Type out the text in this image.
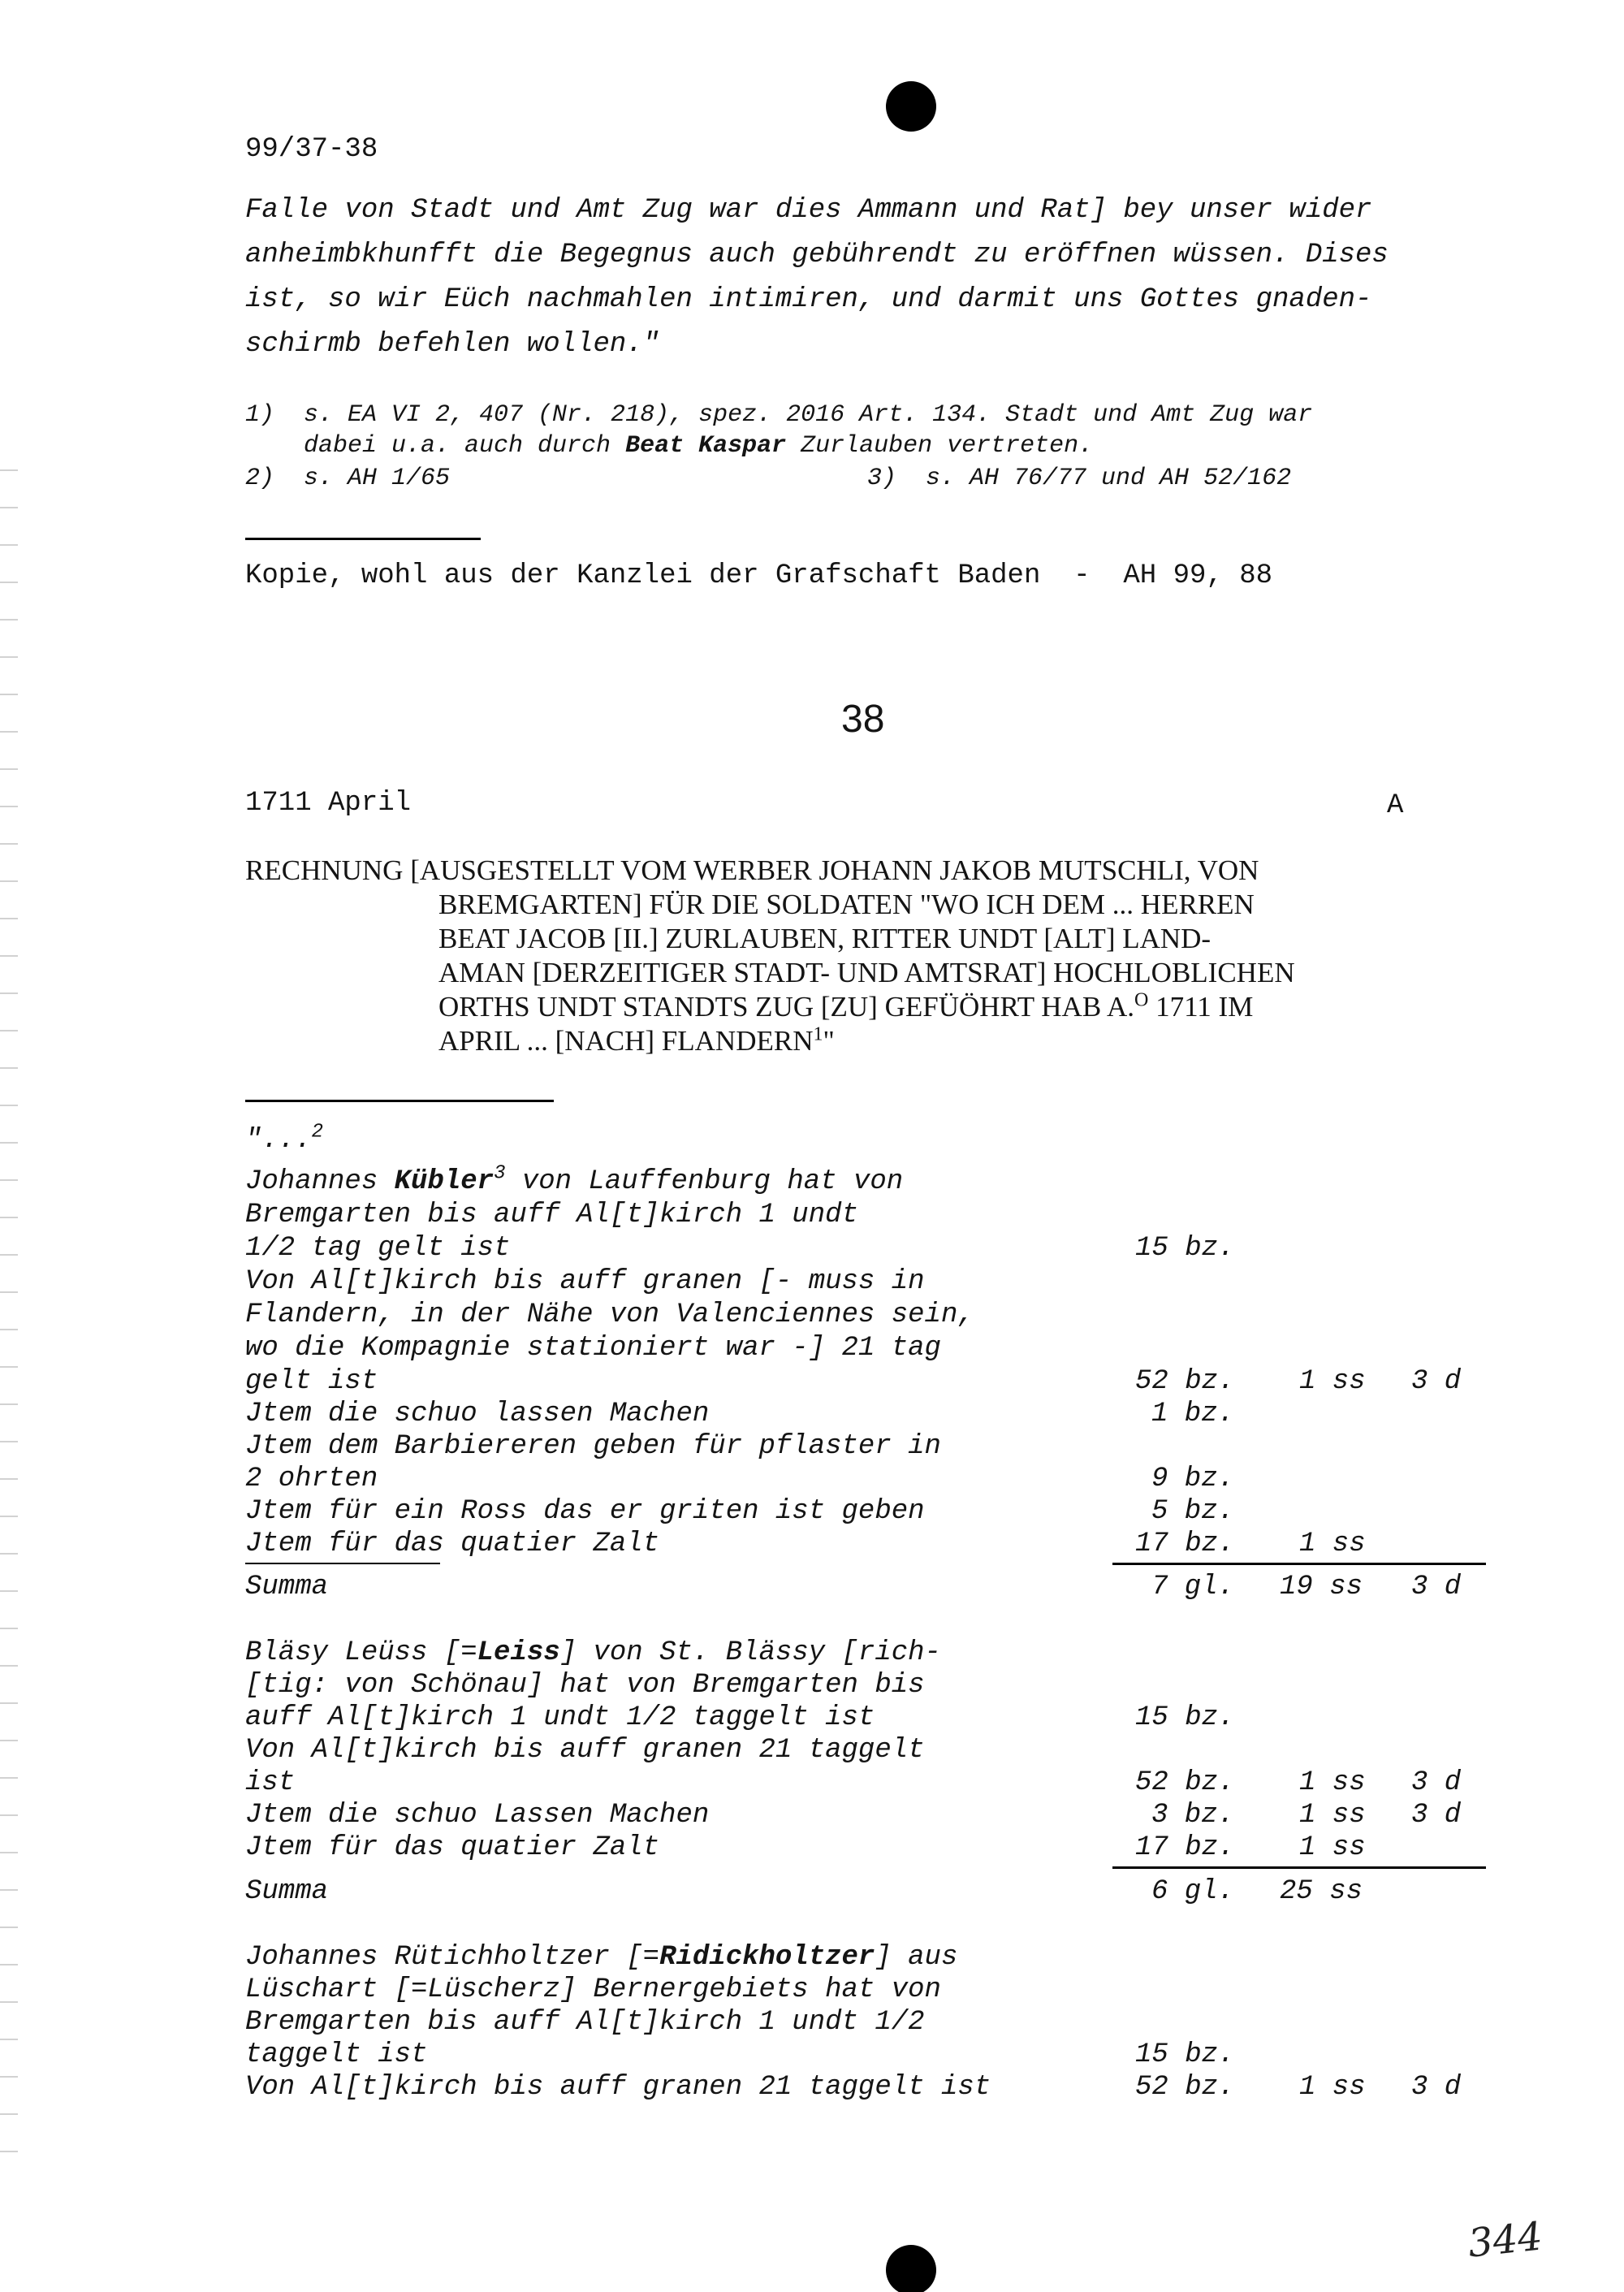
99/37-38
Falle von Stadt und Amt Zug war dies Ammann und Rat] bey unser wider
anheimbkhunfft die Begegnus auch gebührendt zu eröffnen wüssen. Dises
ist, so wir Eüch nachmahlen intimiren, und darmit uns Gottes gnaden-
schirmb befehlen wollen."
1) s. EA VI 2, 407 (Nr. 218), spez. 2016 Art. 134. Stadt und Amt Zug war
dabei u.a. auch durch Beat Kaspar Zurlauben vertreten.
2)  s. AH 1/65	3)  s. AH 76/77 und AH 52/162
Kopie, wohl aus der Kanzlei der Grafschaft Baden  -  AH 99, 88
38
1711 April	A
RECHNUNG [AUSGESTELLT VOM WERBER JOHANN JAKOB MUTSCHLI, VON
BREMGARTEN] FÜR DIE SOLDATEN "WO ICH DEM ... HERREN
BEAT JACOB [II.] ZURLAUBEN, RITTER UNDT [ALT] LAND-
AMAN [DERZEITIGER STADT- UND AMTSRAT] HOCHLOBLICHEN
ORTHS UNDT STANDTS ZUG [ZU] GEFÜÖHRT HAB A.$^O$ 1711 IM
APRIL ... [NACH] FLANDERN$^1$"
"...$^2$
Johannes Kübler$^3$ von Lauffenburg hat von
Bremgarten bis auff Al[t]kirch 1 undt
1/2 tag gelt ist	15 bz.
Von Al[t]kirch bis auff granen [- muss in
Flandern, in der Nähe von Valenciennes sein,
wo die Kompagnie stationiert war -] 21 tag
gelt ist	52 bz. 1 ss 3 d
Jtem die schuo lassen Machen	1 bz.
Jtem dem Barbiereren geben für pflaster in
2 ohrten	9 bz.
Jtem für ein Ross das er griten ist geben	5 bz.
Jtem für das quatier Zalt	17 bz. 1 ss
Summa	7 gl. 19 ss 3 d
Bläsy Leüss [=Leiss] von St. Blässy [rich-
[tig: von Schönau] hat von Bremgarten bis
auff Al[t]kirch 1 undt 1/2 taggelt ist	15 bz.
Von Al[t]kirch bis auff granen 21 taggelt
ist	52 bz. 1 ss 3 d
Jtem die schuo Lassen Machen	3 bz. 1 ss 3 d
Jtem für das quatier Zalt	17 bz. 1 ss
Summa	6 gl. 25 ss
Johannes Rütichholtzer [=Ridickholtzer] aus
Lüschart [=Lüscherz] Bernergebiets hat von
Bremgarten bis auff Al[t]kirch 1 undt 1/2
taggelt ist	15 bz.
Von Al[t]kirch bis auff granen 21 taggelt ist	52 bz. 1 ss 3 d
344
